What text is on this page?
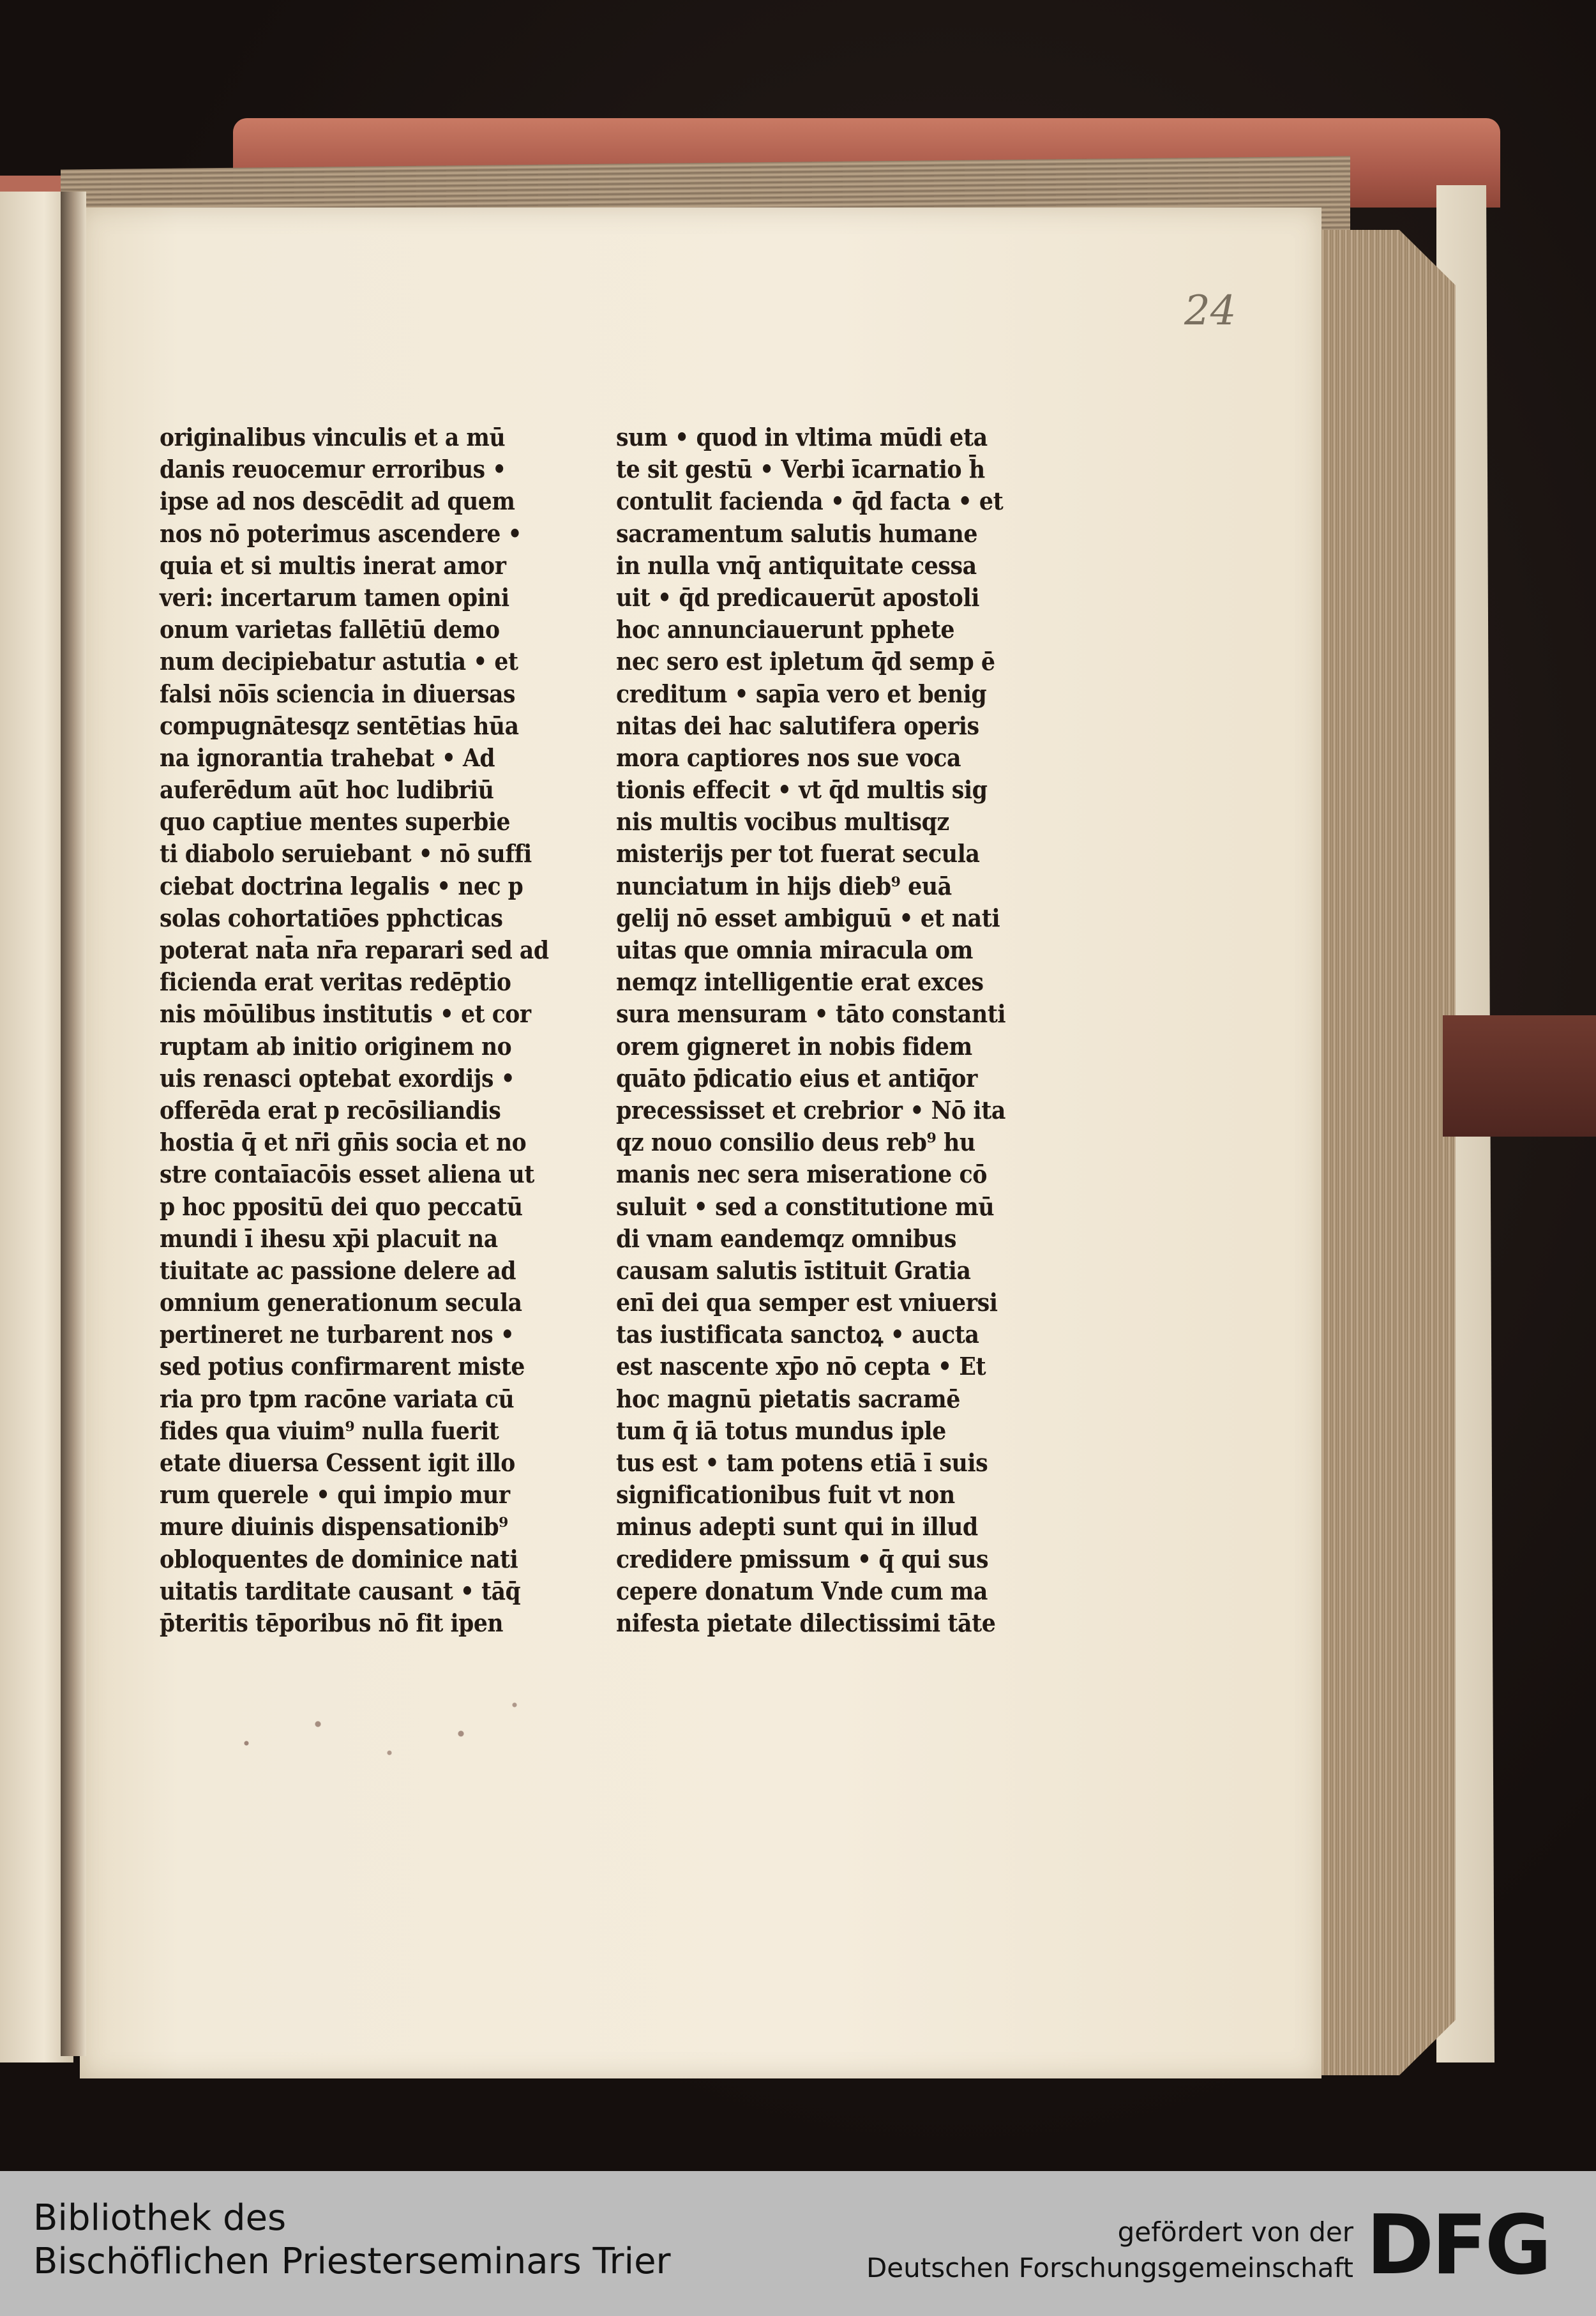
24
originalibus vinculis et a mū
danis reuocemur erroribus •
ipse ad nos descēdit ad quem
nos nō poterimus ascendere •
quia et si multis inerat amor
veri: incertarum tamen opini
onum varietas fallētiū demo
num decipiebatur astutia • et
falsi nōīs sciencia in diuersas
compugnātesqz sentētias hūa
na ignorantia trahebat • Ad
auferēdum aūt hoc ludibriū
quo captiue mentes superbie
ti diabolo seruiebant • nō suffi
ciebat doctrina legalis • nec p
solas cohortatiōes pphcticas
poterat nat̄a nr̄a reparari sed ad
ficienda erat veritas redēptio
nis mōūlibus institutis • et cor
ruptam ab initio originem no
uis renasci optebat exordijs •
offerēda erat p recōsiliandis
hostia q̄ et nr̄i gn̄is socia et no
stre contaīacōis esset aliena ut
p hoc ppositū dei quo peccatū
mundi ī ihesu xp̄i placuit na
tiuitate ac passione delere ad
omnium generationum secula
pertineret ne turbarent nos •
sed potius confirmarent miste
ria pro tpm racōne variata cū
fides qua viuim⁹ nulla fuerit
etate diuersa Cessent igit illo
rum querele • qui impio mur
mure diuinis dispensationib⁹
obloquentes de dominice nati
uitatis tarditate causant • tāq̄
p̄teritis tēporibus nō fit ipen
sum • quod in vltima mūdi eta
te sit gestū • Verbi īcarnatio h̄
contulit facienda • q̄d facta • et
sacramentum salutis humane
in nulla vnq̄ antiquitate cessa
uit • q̄d predicauerūt apostoli
hoc annunciauerunt pphete
nec sero est ipletum q̄d semp ē
creditum • sapīa vero et benig
nitas dei hac salutifera operis
mora captiores nos sue voca
tionis effecit • vt q̄d multis sig
nis multis vocibus multisqz
misterijs per tot fuerat secula
nunciatum in hijs dieb⁹ euā
gelij nō esset ambiguū • et nati
uitas que omnia miracula om
nemqz intelligentie erat exces
sura mensuram • tāto constanti
orem gigneret in nobis fidem
quāto p̄dicatio eius et antiq̄or
precessisset et crebrior • Nō ita
qz nouo consilio deus reb⁹ hu
manis nec sera miseratione cō
suluit • sed a constitutione mū
di vnam eandemqz omnibus
causam salutis īstituit Gratia
enī dei qua semper est vniuersi
tas iustificata sanctoꝝ • aucta
est nascente xp̄o nō cepta • Et
hoc magnū pietatis sacramē
tum q̄ iā totus mundus iple
tus est • tam potens etiā ī suis
significationibus fuit vt non
minus adepti sunt qui in illud
credidere pmissum • q̄ qui sus
cepere donatum Vnde cum ma
nifesta pietate dilectissimi tāte
Bibliothek des
Bischöflichen Priesterseminars Trier
gefördert von der
Deutschen Forschungsgemeinschaft DFG
